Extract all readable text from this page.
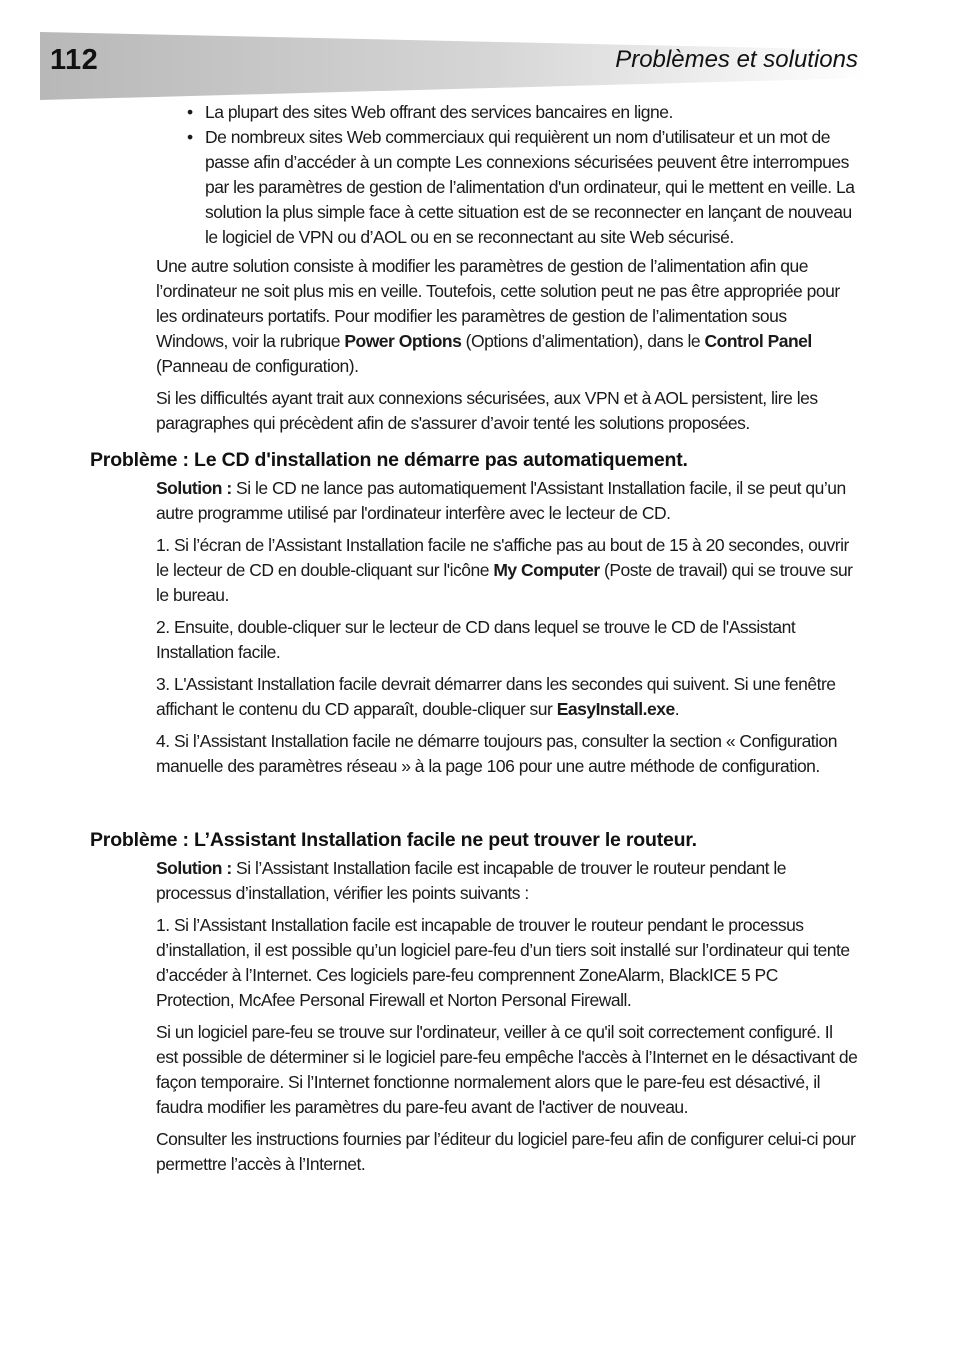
112	Problèmes et solutions
• La plupart des sites Web offrant des services bancaires en ligne.
• De nombreux sites Web commerciaux qui requièrent un nom d’utilisateur et un mot de passe afin d’accéder à un compte Les connexions sécurisées peuvent être interrompues par les paramètres de gestion de l’alimentation d'un ordinateur, qui le mettent en veille. La solution la plus simple face à cette situation est de se reconnecter en lançant de nouveau le logiciel de VPN ou d’AOL ou en se reconnectant au site Web sécurisé.

Une autre solution consiste à modifier les paramètres de gestion de l’alimentation afin que l’ordinateur ne soit plus mis en veille. Toutefois, cette solution peut ne pas être appropriée pour les ordinateurs portatifs. Pour modifier les paramètres de gestion de l’alimentation sous Windows, voir la rubrique Power Options (Options d’alimentation), dans le Control Panel (Panneau de configuration).

Si les difficultés ayant trait aux connexions sécurisées, aux VPN et à AOL persistent, lire les paragraphes qui précèdent afin de s'assurer d’avoir tenté les solutions proposées.

Problème : Le CD d'installation ne démarre pas automatiquement.

Solution : Si le CD ne lance pas automatiquement l'Assistant Installation facile, il se peut qu’un autre programme utilisé par l'ordinateur interfère avec le lecteur de CD.

1. Si l’écran de l’Assistant Installation facile ne s'affiche pas au bout de 15 à 20 secondes, ouvrir le lecteur de CD en double-cliquant sur l'icône My Computer (Poste de travail) qui se trouve sur le bureau.

2. Ensuite, double-cliquer sur le lecteur de CD dans lequel se trouve le CD de l'Assistant Installation facile.

3. L'Assistant Installation facile devrait démarrer dans les secondes qui suivent. Si une fenêtre affichant le contenu du CD apparaît, double-cliquer sur EasyInstall.exe.

4. Si l’Assistant Installation facile ne démarre toujours pas, consulter la section « Configuration manuelle des paramètres réseau » à la page 106 pour une autre méthode de configuration.

Problème : L’Assistant Installation facile ne peut trouver le routeur.

Solution : Si l’Assistant Installation facile est incapable de trouver le routeur pendant le processus d’installation, vérifier les points suivants :

1. Si l’Assistant Installation facile est incapable de trouver le routeur pendant le processus d’installation, il est possible qu’un logiciel pare-feu d’un tiers soit installé sur l’ordinateur qui tente d’accéder à l’Internet. Ces logiciels pare-feu comprennent ZoneAlarm, BlackICE 5 PC Protection, McAfee Personal Firewall et Norton Personal Firewall.

Si un logiciel pare-feu se trouve sur l'ordinateur, veiller à ce qu'il soit correctement configuré. Il est possible de déterminer si le logiciel pare-feu empêche l'accès à l’Internet en le désactivant de façon temporaire. Si l’Internet fonctionne normalement alors que le pare-feu est désactivé, il faudra modifier les paramètres du pare-feu avant de l'activer de nouveau.

Consulter les instructions fournies par l’éditeur du logiciel pare-feu afin de configurer celui-ci pour permettre l’accès à l’Internet.
